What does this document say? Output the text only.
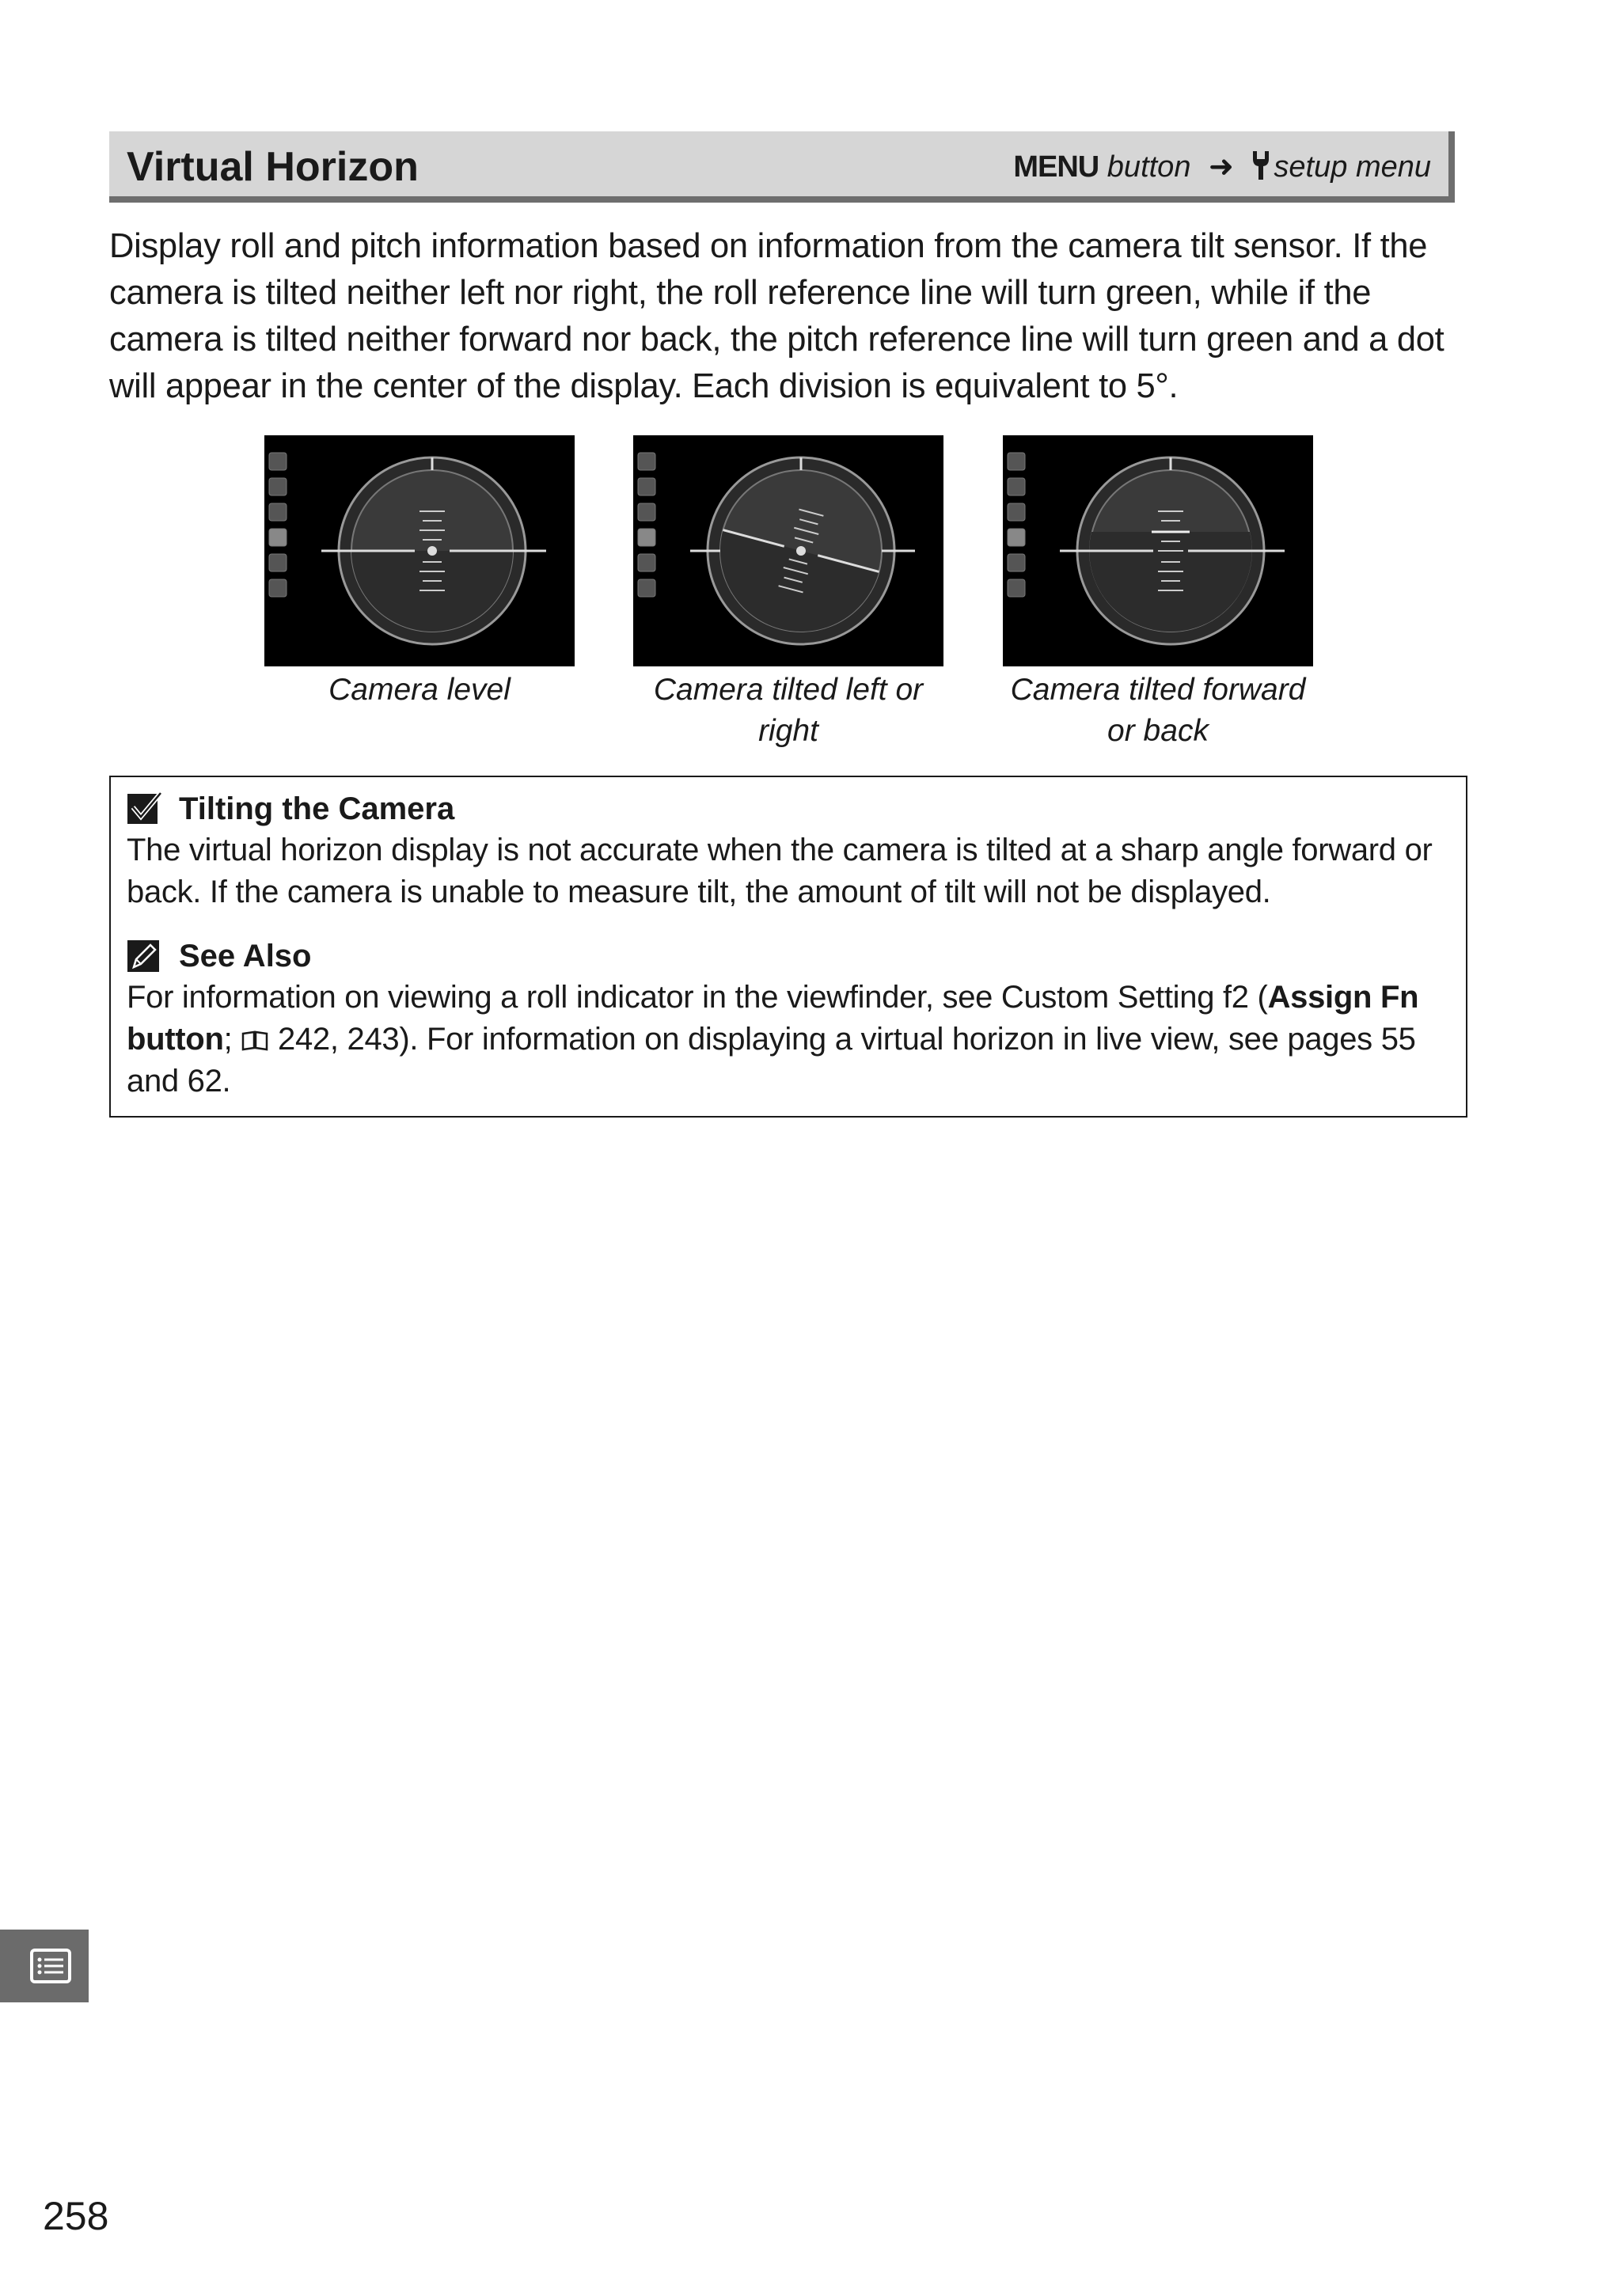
Virtual Horizon	MENU button ➜ setup menu

Display roll and pitch information based on information from the camera tilt sensor. If the camera is tilted neither left nor right, the roll reference line will turn green, while if the camera is tilted neither forward nor back, the pitch reference line will turn green and a dot will appear in the center of the display. Each division is equivalent to 5°.

Camera level	Camera tilted left or right
Camera tilted forward or back
Tilting the Camera

The virtual horizon display is not accurate when the camera is tilted at a sharp angle forward or back. If the camera is unable to measure tilt, the amount of tilt will not be displayed.

See Also

For information on viewing a roll indicator in the viewfinder, see Custom Setting f2 (Assign Fn button;  242, 243). For information on displaying a virtual horizon in live view, see pages 55 and 62.

258
